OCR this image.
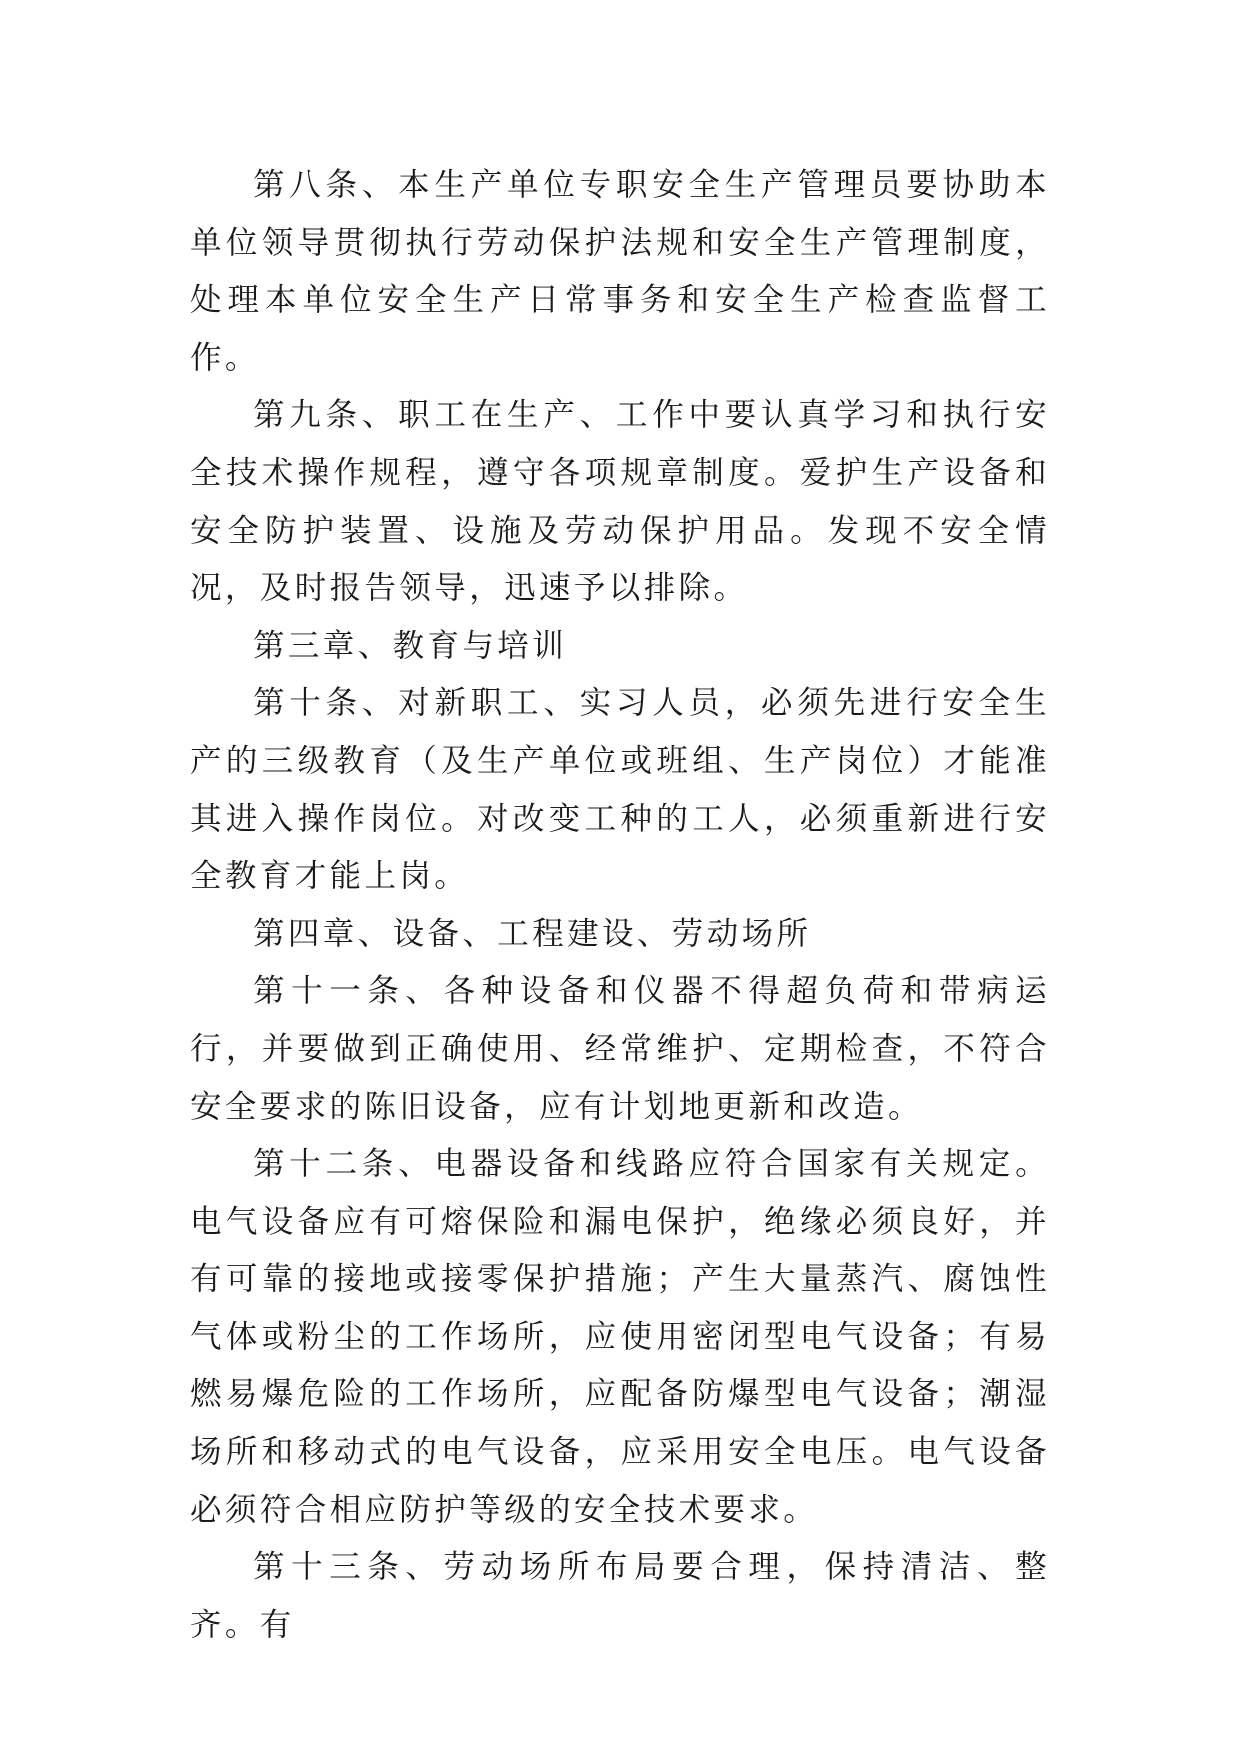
第八条、本生产单位专职安全生产管理员要协助本单位领导贯彻执行劳动保护法规和安全生产管理制度，处理本单位安全生产日常事务和安全生产检查监督工作。

第九条、职工在生产、工作中要认真学习和执行安全技术操作规程，遵守各项规章制度。爱护生产设备和安全防护装置、设施及劳动保护用品。发现不安全情况，及时报告领导，迅速予以排除。

第三章、教育与培训

第十条、对新职工、实习人员，必须先进行安全生产的三级教育（及生产单位或班组、生产岗位）才能准其进入操作岗位。对改变工种的工人，必须重新进行安全教育才能上岗。

第四章、设备、工程建设、劳动场所

第十一条、各种设备和仪器不得超负荷和带病运行，并要做到正确使用、经常维护、定期检查，不符合安全要求的陈旧设备，应有计划地更新和改造。

第十二条、电器设备和线路应符合国家有关规定。电气设备应有可熔保险和漏电保护，绝缘必须良好，并有可靠的接地或接零保护措施；产生大量蒸汽、腐蚀性气体或粉尘的工作场所，应使用密闭型电气设备；有易燃易爆危险的工作场所，应配备防爆型电气设备；潮湿场所和移动式的电气设备，应采用安全电压。电气设备必须符合相应防护等级的安全技术要求。

第十三条、劳动场所布局要合理，保持清洁、整齐。有
